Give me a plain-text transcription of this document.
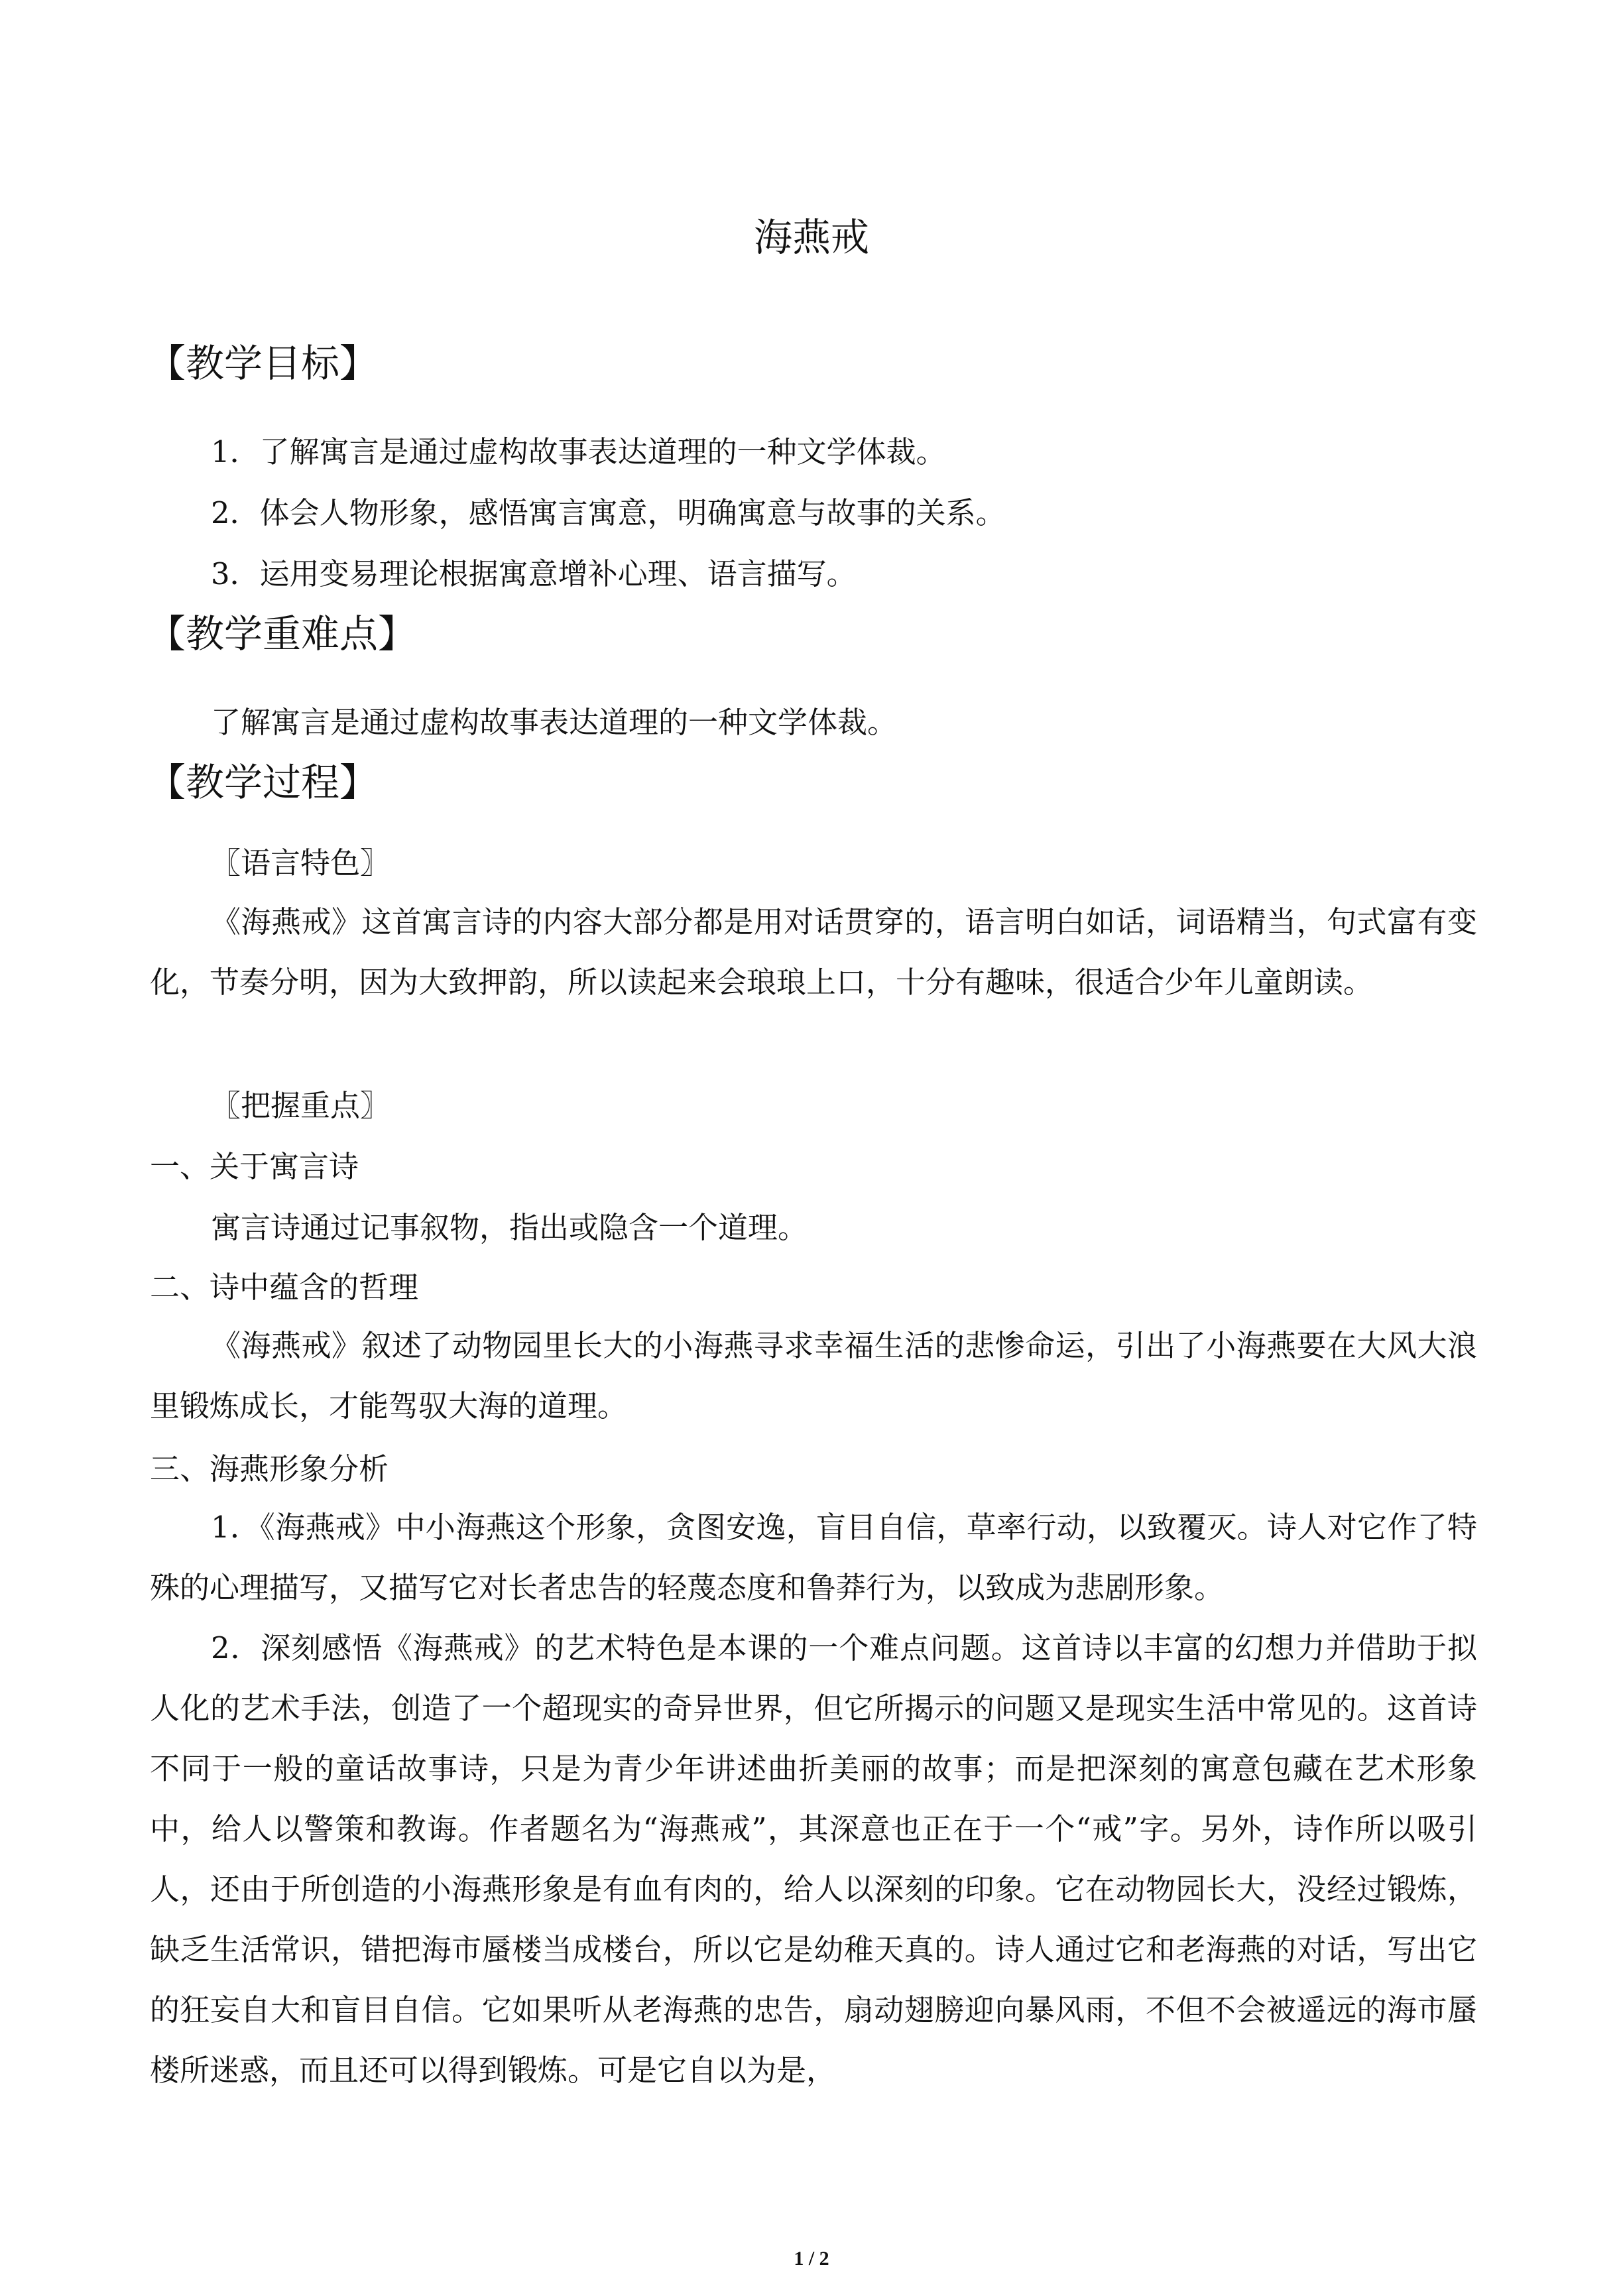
海燕戒
【教学目标】
1．了解寓言是通过虚构故事表达道理的一种文学体裁。
2．体会人物形象，感悟寓言寓意，明确寓意与故事的关系。
3．运用变易理论根据寓意增补心理、语言描写。
【教学重难点】
了解寓言是通过虚构故事表达道理的一种文学体裁。
【教学过程】
〖语言特色〗
《海燕戒》这首寓言诗的内容大部分都是用对话贯穿的，语言明白如话，词语精当，句式富有变化，节奏分明，因为大致押韵，所以读起来会琅琅上口，十分有趣味，很适合少年儿童朗读。
〖把握重点〗
一、关于寓言诗
寓言诗通过记事叙物，指出或隐含一个道理。
二、诗中蕴含的哲理
《海燕戒》叙述了动物园里长大的小海燕寻求幸福生活的悲惨命运，引出了小海燕要在大风大浪里锻炼成长，才能驾驭大海的道理。
三、海燕形象分析
1．《海燕戒》中小海燕这个形象，贪图安逸，盲目自信，草率行动，以致覆灭。诗人对它作了特殊的心理描写，又描写它对长者忠告的轻蔑态度和鲁莽行为，以致成为悲剧形象。
2．深刻感悟《海燕戒》的艺术特色是本课的一个难点问题。这首诗以丰富的幻想力并借助于拟人化的艺术手法，创造了一个超现实的奇异世界，但它所揭示的问题又是现实生活中常见的。这首诗不同于一般的童话故事诗，只是为青少年讲述曲折美丽的故事；而是把深刻的寓意包藏在艺术形象中，给人以警策和教诲。作者题名为“海燕戒”，其深意也正在于一个“戒”字。另外，诗作所以吸引人，还由于所创造的小海燕形象是有血有肉的，给人以深刻的印象。它在动物园长大，没经过锻炼，缺乏生活常识，错把海市蜃楼当成楼台，所以它是幼稚天真的。诗人通过它和老海燕的对话，写出它的狂妄自大和盲目自信。它如果听从老海燕的忠告，扇动翅膀迎向暴风雨，不但不会被遥远的海市蜃楼所迷惑，而且还可以得到锻炼。可是它自以为是，
1 / 2
